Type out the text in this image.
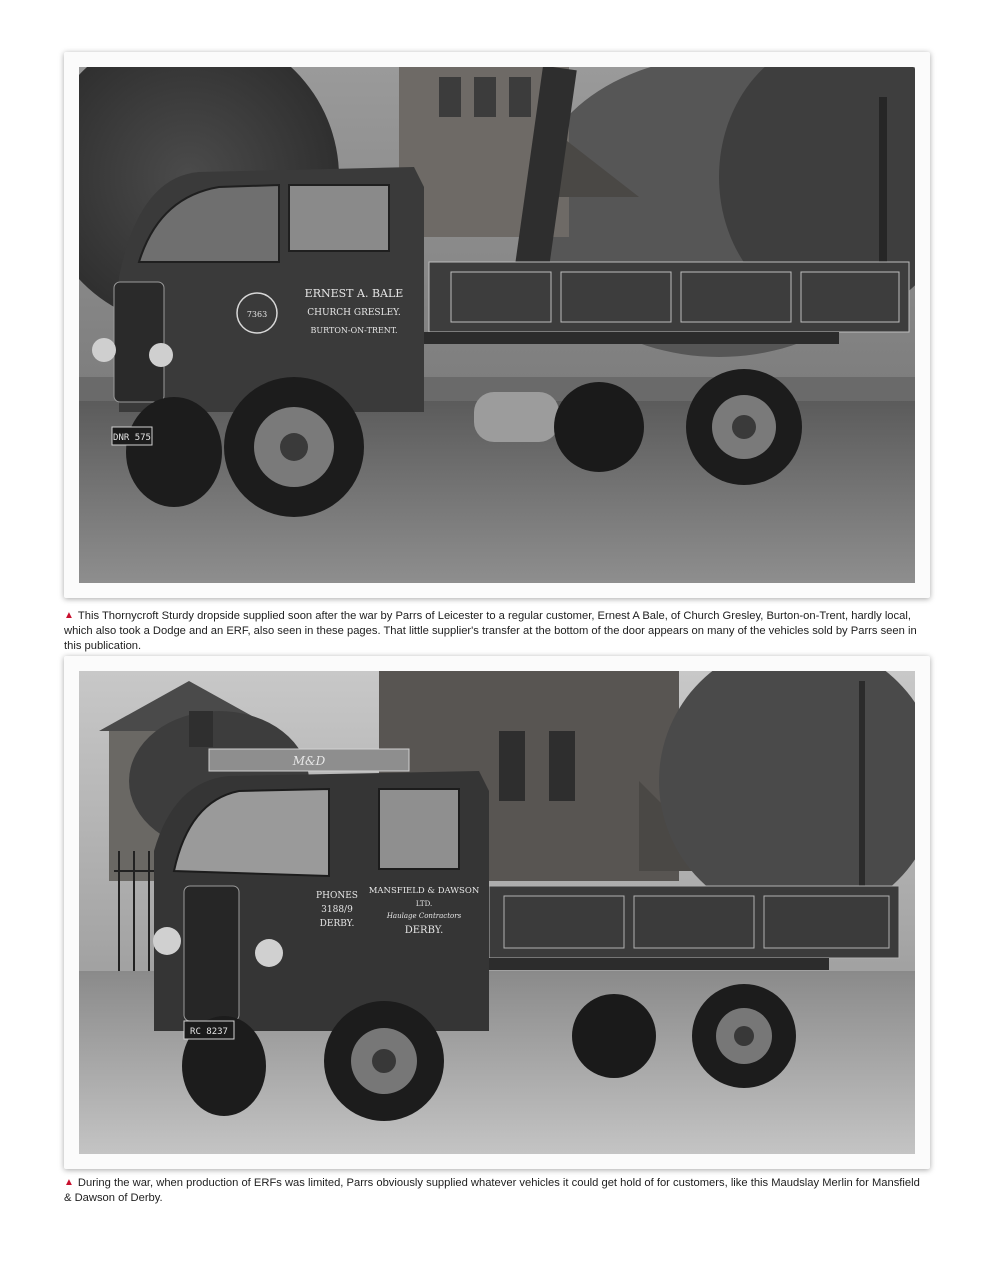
7363
ERNEST A. BALE
CHURCH GRESLEY.
BURTON-ON-TRENT.
DNR 575
▲ This Thornycroft Sturdy dropside supplied soon after the war by Parrs of Leicester to a regular customer, Ernest A Bale, of Church Gresley, Burton-on-Trent, hardly local, which also took a Dodge and an ERF, also seen in these pages. That little supplier's transfer at the bottom of the door appears on many of the vehicles sold by Parrs seen in this publication.
M&D
PHONES
3188/9
DERBY.
MANSFIELD & DAWSON
LTD.
Haulage Contractors
DERBY.
RC 8237
▲ During the war, when production of ERFs was limited, Parrs obviously supplied whatever vehicles it could get hold of for customers, like this Maudslay Merlin for Mansfield & Dawson of Derby.
